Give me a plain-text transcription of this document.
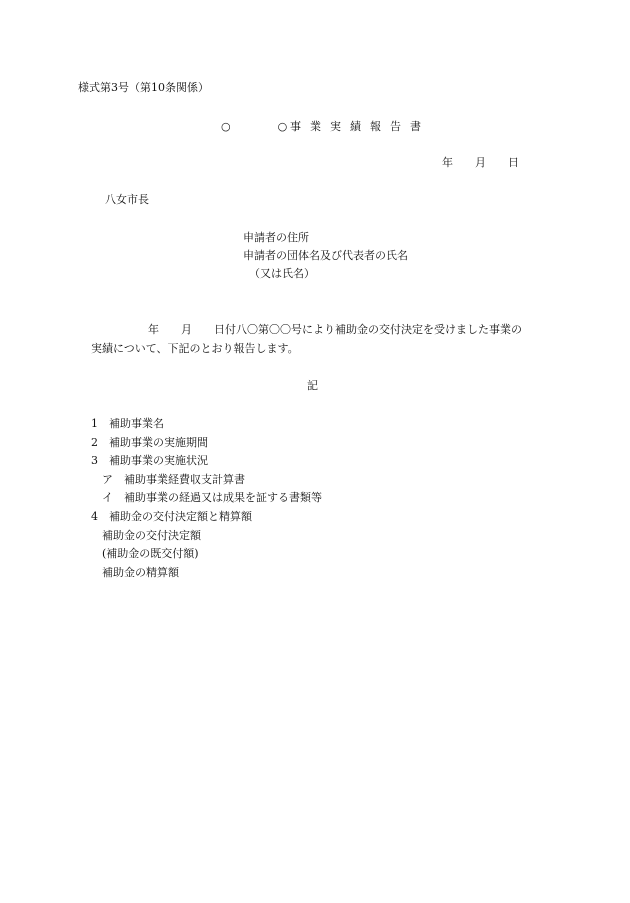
様式第3号（第10条関係）
○　○
事業実績報告書
年　　月　　日
八女市長
申請者の住所
申請者の団体名及び代表者の氏名
（又は氏名）
年　　月　　日付八〇第〇〇号により補助金の交付決定を受けました事業の
実績について、下記のとおり報告します。
記
1　補助事業名
2　補助事業の実施期間
3　補助事業の実施状況
　ア　補助事業経費収支計算書
　イ　補助事業の経過又は成果を証する書類等
4　補助金の交付決定額と精算額
　補助金の交付決定額
　(補助金の既交付額)
　補助金の精算額
